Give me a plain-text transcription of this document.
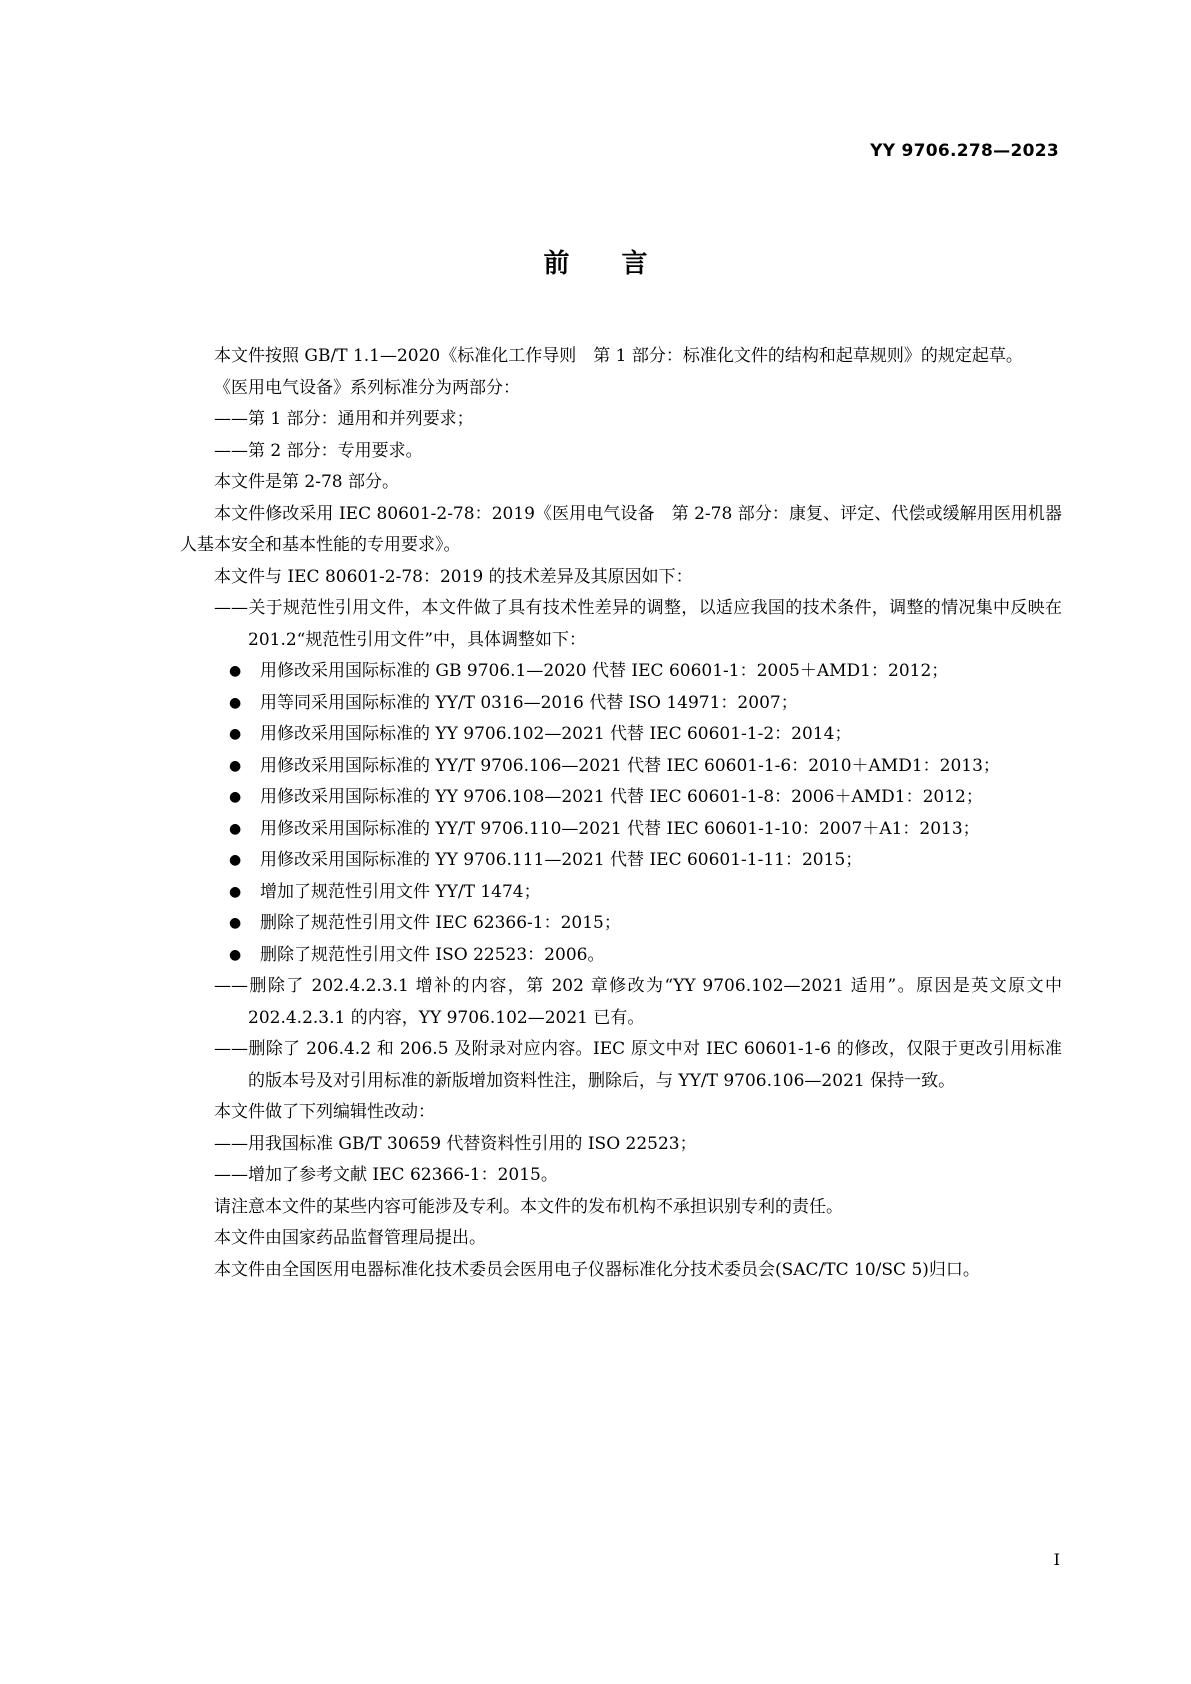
YY 9706.278—2023
前言

本文件按照 GB/T 1.1—2020《标准化工作导则　第 1 部分：标准化文件的结构和起草规则》的规定起草。

《医用电气设备》系列标准分为两部分：

——第 1 部分：通用和并列要求；

——第 2 部分：专用要求。

本文件是第 2-78 部分。

本文件修改采用 IEC 80601-2-78：2019《医用电气设备　第 2-78 部分：康复、评定、代偿或缓解用医用机器人基本安全和基本性能的专用要求》。

本文件与 IEC 80601-2-78：2019 的技术差异及其原因如下：

——关于规范性引用文件，本文件做了具有技术性差异的调整，以适应我国的技术条件，调整的情况集中反映在 201.2“规范性引用文件”中，具体调整如下：

● 用修改采用国际标准的 GB 9706.1—2020 代替 IEC 60601-1：2005＋AMD1：2012；
● 用等同采用国际标准的 YY/T 0316—2016 代替 ISO 14971：2007；
● 用修改采用国际标准的 YY 9706.102—2021 代替 IEC 60601-1-2：2014；
● 用修改采用国际标准的 YY/T 9706.106—2021 代替 IEC 60601-1-6：2010＋AMD1：2013；
● 用修改采用国际标准的 YY 9706.108—2021 代替 IEC 60601-1-8：2006＋AMD1：2012；
● 用修改采用国际标准的 YY/T 9706.110—2021 代替 IEC 60601-1-10：2007＋A1：2013；
● 用修改采用国际标准的 YY 9706.111—2021 代替 IEC 60601-1-11：2015；
● 增加了规范性引用文件 YY/T 1474；
● 删除了规范性引用文件 IEC 62366-1：2015；
● 删除了规范性引用文件 ISO 22523：2006。

——删除了 202.4.2.3.1 增补的内容，第 202 章修改为“YY 9706.102—2021 适用”。原因是英文原文中 202.4.2.3.1 的内容，YY 9706.102—2021 已有。

——删除了 206.4.2 和 206.5 及附录对应内容。IEC 原文中对 IEC 60601-1-6 的修改，仅限于更改引用标准的版本号及对引用标准的新版增加资料性注，删除后，与 YY/T 9706.106—2021 保持一致。

本文件做了下列编辑性改动：

——用我国标准 GB/T 30659 代替资料性引用的 ISO 22523；

——增加了参考文献 IEC 62366-1：2015。

请注意本文件的某些内容可能涉及专利。本文件的发布机构不承担识别专利的责任。

本文件由国家药品监督管理局提出。

本文件由全国医用电器标准化技术委员会医用电子仪器标准化分技术委员会(SAC/TC 10/SC 5)归口。

I
